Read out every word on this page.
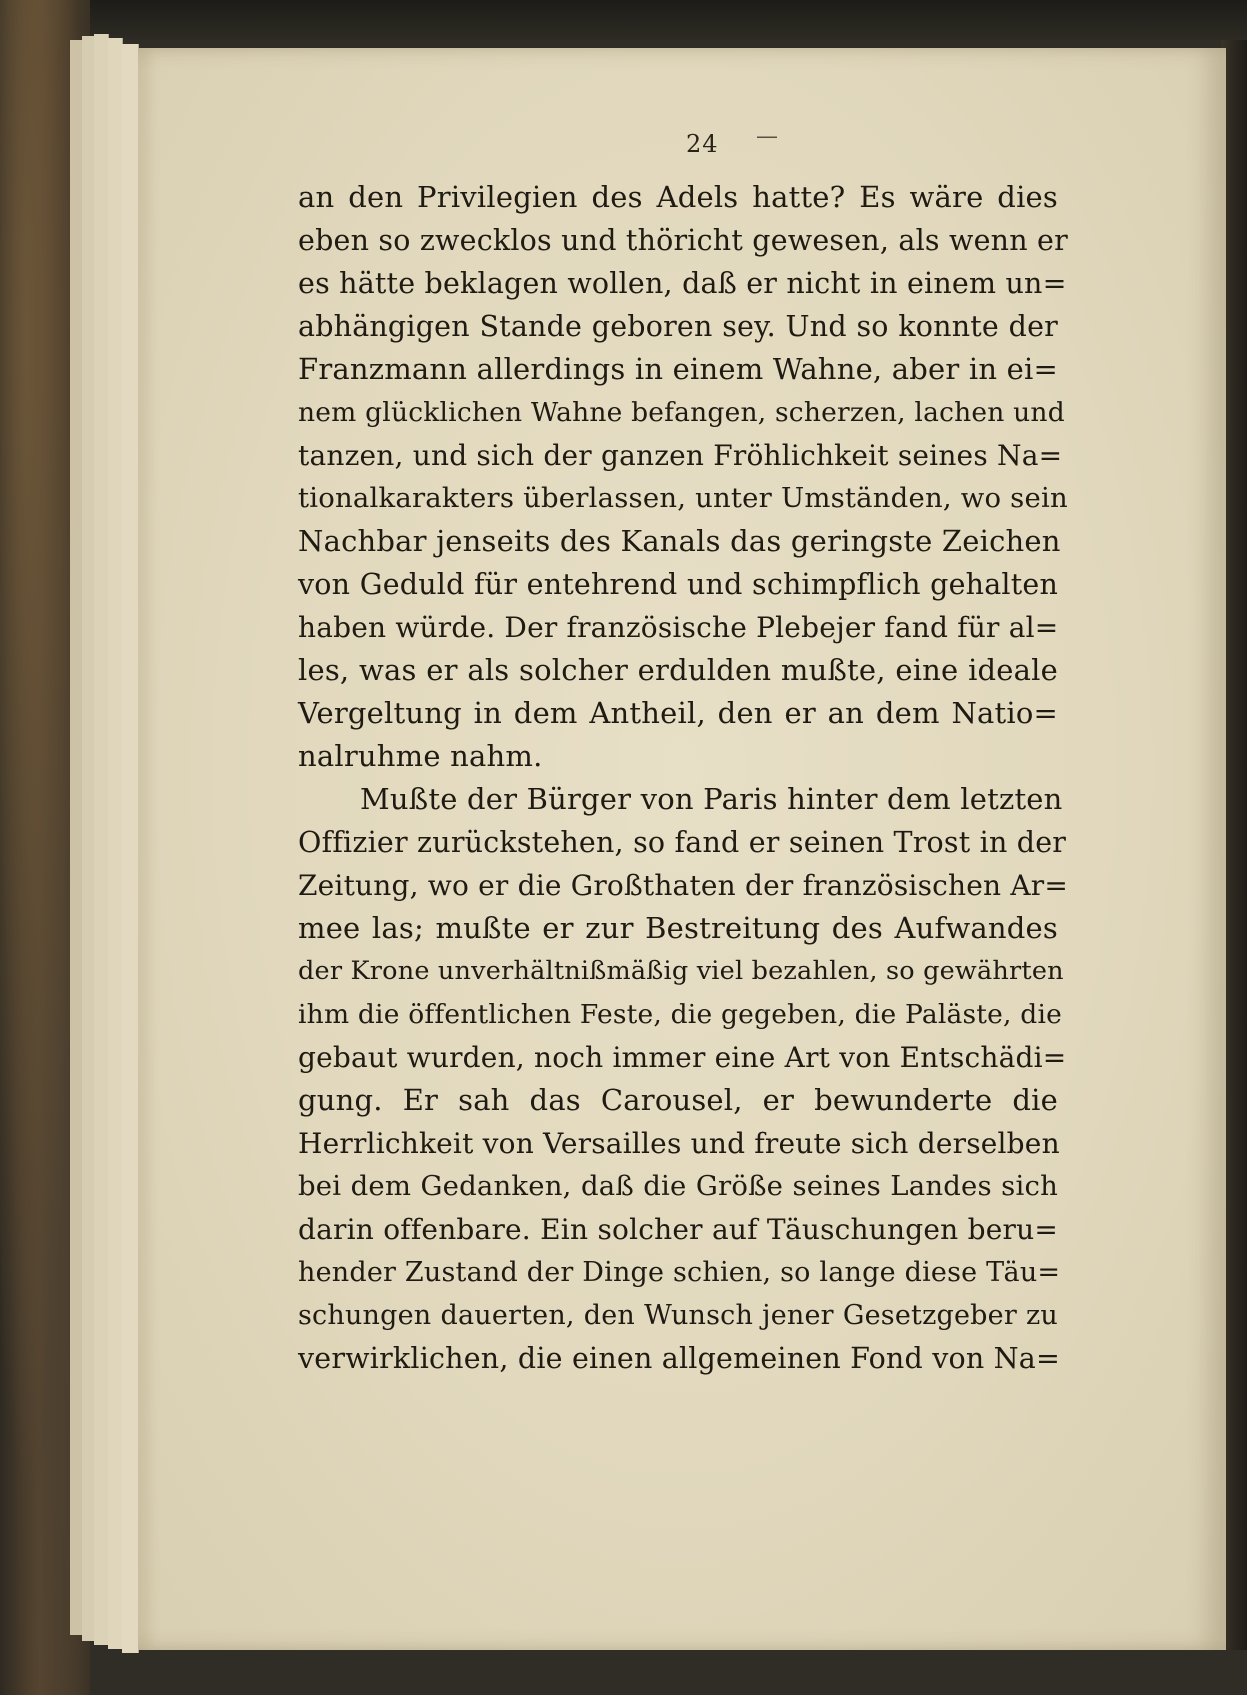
24 —
an den Privilegien des Adels hatte? Es wäre dies
eben so zwecklos und thöricht gewesen, als wenn er
es hätte beklagen wollen, daß er nicht in einem un=
abhängigen Stande geboren sey. Und so konnte der
Franzmann allerdings in einem Wahne, aber in ei=
nem glücklichen Wahne befangen, scherzen, lachen und
tanzen, und sich der ganzen Fröhlichkeit seines Na=
tionalkarakters überlassen, unter Umständen, wo sein
Nachbar jenseits des Kanals das geringste Zeichen
von Geduld für entehrend und schimpflich gehalten
haben würde. Der französische Plebejer fand für al=
les, was er als solcher erdulden mußte, eine ideale
Vergeltung in dem Antheil, den er an dem Natio=
nalruhme nahm.
Mußte der Bürger von Paris hinter dem letzten
Offizier zurückstehen, so fand er seinen Trost in der
Zeitung, wo er die Großthaten der französischen Ar=
mee las; mußte er zur Bestreitung des Aufwandes
der Krone unverhältnißmäßig viel bezahlen, so gewährten
ihm die öffentlichen Feste, die gegeben, die Paläste, die
gebaut wurden, noch immer eine Art von Entschädi=
gung. Er sah das Carousel, er bewunderte die
Herrlichkeit von Versailles und freute sich derselben
bei dem Gedanken, daß die Größe seines Landes sich
darin offenbare. Ein solcher auf Täuschungen beru=
hender Zustand der Dinge schien, so lange diese Täu=
schungen dauerten, den Wunsch jener Gesetzgeber zu
verwirklichen, die einen allgemeinen Fond von Na=
